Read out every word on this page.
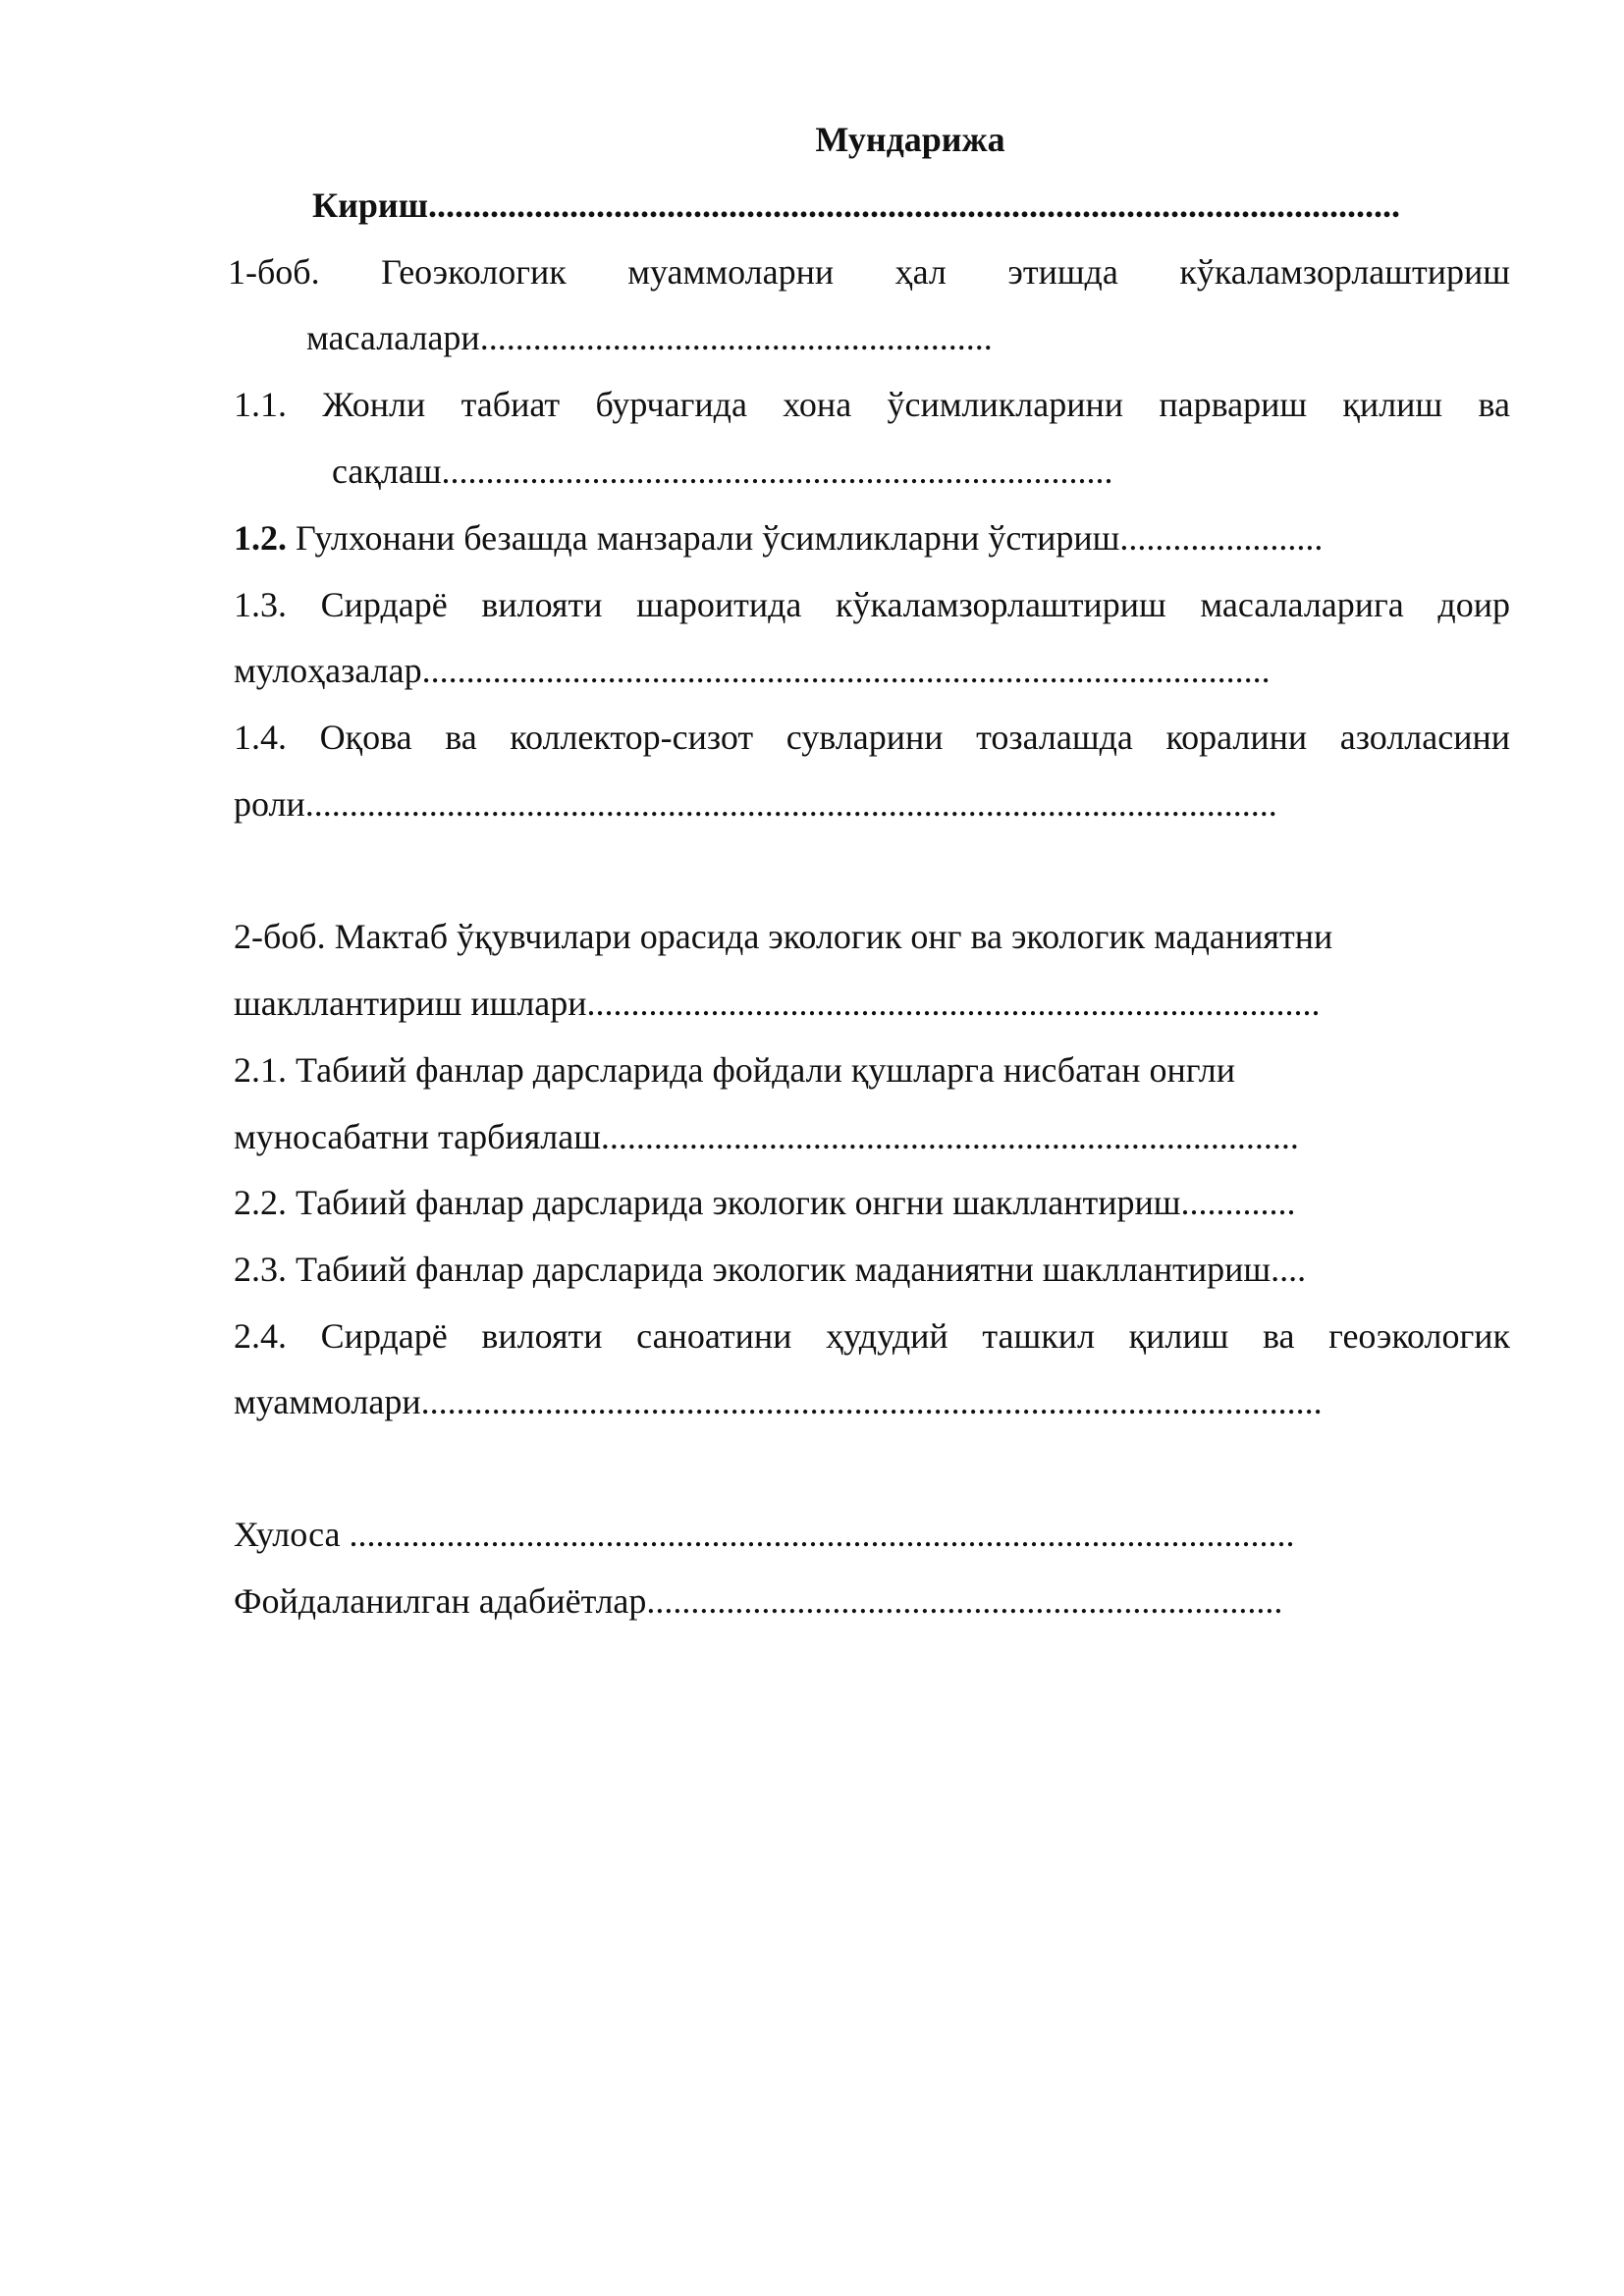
Мундарижа

Кириш..............................................................................................................

1-боб. Геоэкологик муаммоларни ҳал этишда кўкаламзорлаштириш

масалалари..........................................................

1.1. Жонли табиат бурчагида хона ўсимликларини парвариш қилиш ва

сақлаш............................................................................

1.2. Гулхонани безашда манзарали ўсимликларни ўстириш.......................

1.3. Сирдарё вилояти шароитида кўкаламзорлаштириш масалаларига доир

мулоҳазалар................................................................................................

1.4. Оқова ва коллектор-сизот сувларини тозалашда коралини азолласини

роли..............................................................................................................

2-боб. Мактаб ўқувчилари орасида экологик онг ва экологик маданиятни

шакллантириш ишлари...................................................................................

2.1. Табиий фанлар дарсларида фойдали қушларга нисбатан онгли

муносабатни тарбиялаш...............................................................................

2.2. Табиий фанлар дарсларида экологик онгни шакллантириш.............

2.3. Табиий фанлар дарсларида экологик маданиятни шакллантириш....

2.4. Сирдарё вилояти саноатини ҳудудий ташкил қилиш ва геоэкологик

муаммолари......................................................................................................

Хулоса ...........................................................................................................

Фойдаланилган адабиётлар........................................................................
